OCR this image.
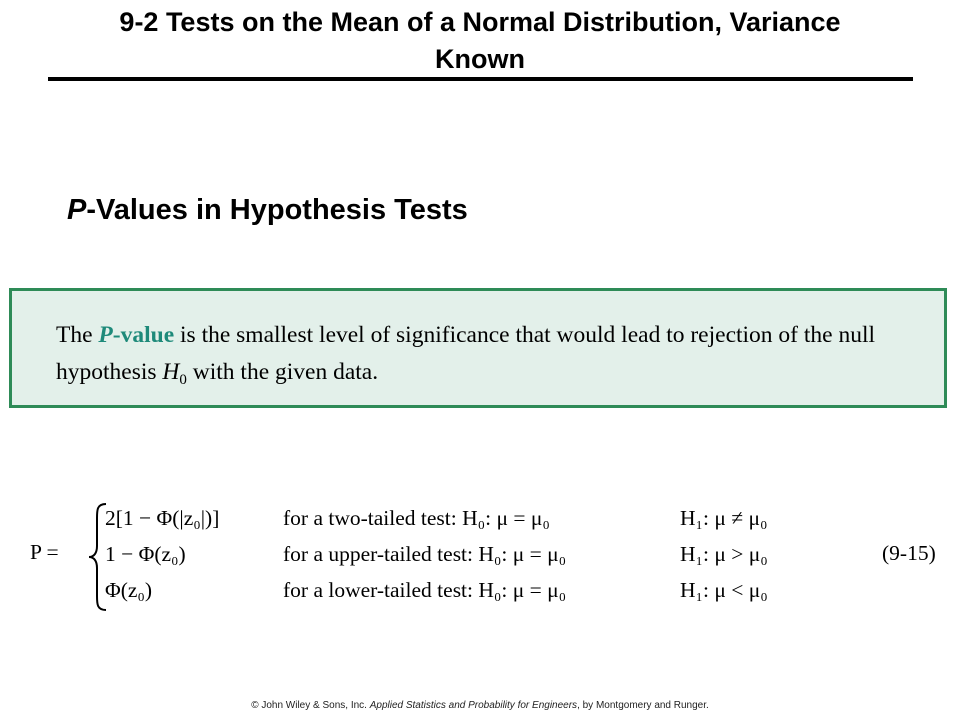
9-2 Tests on the Mean of a Normal Distribution, Variance
Known
P-Values in Hypothesis Tests
The P-value is the smallest level of significance that would lead to rejection of the null hypothesis $H_0$ with the given data.
P =
2[1 − Φ(|z₀|)]	for a two-tailed test: H₀: μ = μ₀	H₁: μ ≠ μ₀
1 − Φ(z₀)	for a upper-tailed test: H₀: μ = μ₀	H₁: μ > μ₀
Φ(z₀)	for a lower-tailed test: H₀: μ = μ₀	H₁: μ < μ₀
(9-15)
© John Wiley & Sons, Inc. Applied Statistics and Probability for Engineers, by Montgomery and Runger.
